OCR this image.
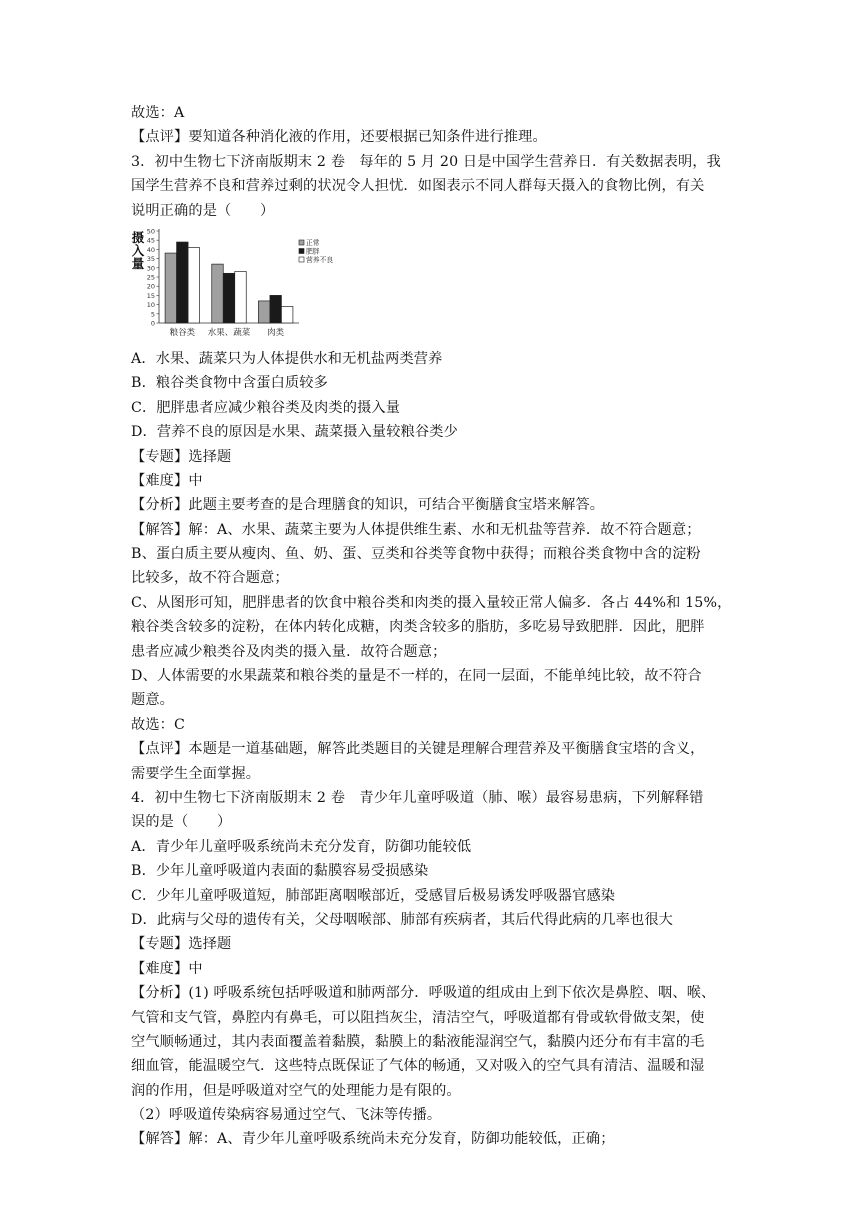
故选：A
【点评】要知道各种消化液的作用，还要根据已知条件进行推理。
3．初中生物七下济南版期末 2 卷　每年的 5 月 20 日是中国学生营养日．有关数据表明，我
国学生营养不良和营养过剩的状况令人担忧．如图表示不同人群每天摄入的食物比例，有关
说明正确的是（　　）
摄
入
量
0
5
10
15
20
25
30
35
40
45
50
粮谷类 水果、蔬菜 肉类
正常
肥胖
营养不良
A．水果、蔬菜只为人体提供水和无机盐两类营养
B．粮谷类食物中含蛋白质较多
C．肥胖患者应减少粮谷类及肉类的摄入量
D．营养不良的原因是水果、蔬菜摄入量较粮谷类少
【专题】选择题
【难度】中
【分析】此题主要考查的是合理膳食的知识，可结合平衡膳食宝塔来解答。
【解答】解：A、水果、蔬菜主要为人体提供维生素、水和无机盐等营养．故不符合题意；
B、蛋白质主要从瘦肉、鱼、奶、蛋、豆类和谷类等食物中获得；而粮谷类食物中含的淀粉
比较多，故不符合题意；
C、从图形可知，肥胖患者的饮食中粮谷类和肉类的摄入量较正常人偏多．各占 44%和 15%，
粮谷类含较多的淀粉，在体内转化成糖，肉类含较多的脂肪，多吃易导致肥胖．因此，肥胖
患者应减少粮类谷及肉类的摄入量．故符合题意；
D、人体需要的水果蔬菜和粮谷类的量是不一样的，在同一层面，不能单纯比较，故不符合
题意。
故选：C
【点评】本题是一道基础题，解答此类题目的关键是理解合理营养及平衡膳食宝塔的含义，
需要学生全面掌握。
4．初中生物七下济南版期末 2 卷　青少年儿童呼吸道（肺、喉）最容易患病，下列解释错
误的是（　　）
A．青少年儿童呼吸系统尚未充分发育，防御功能较低
B．少年儿童呼吸道内表面的黏膜容易受损感染
C．少年儿童呼吸道短，肺部距离咽喉部近，受感冒后极易诱发呼吸器官感染
D．此病与父母的遗传有关，父母咽喉部、肺部有疾病者，其后代得此病的几率也很大
【专题】选择题
【难度】中
【分析】(1) 呼吸系统包括呼吸道和肺两部分．呼吸道的组成由上到下依次是鼻腔、咽、喉、
气管和支气管，鼻腔内有鼻毛，可以阻挡灰尘，清洁空气，呼吸道都有骨或软骨做支架，使
空气顺畅通过，其内表面覆盖着黏膜，黏膜上的黏液能湿润空气，黏膜内还分布有丰富的毛
细血管，能温暖空气．这些特点既保证了气体的畅通，又对吸入的空气具有清洁、温暖和湿
润的作用，但是呼吸道对空气的处理能力是有限的。
（2）呼吸道传染病容易通过空气、飞沫等传播。
【解答】解：A、青少年儿童呼吸系统尚未充分发育，防御功能较低，正确；
